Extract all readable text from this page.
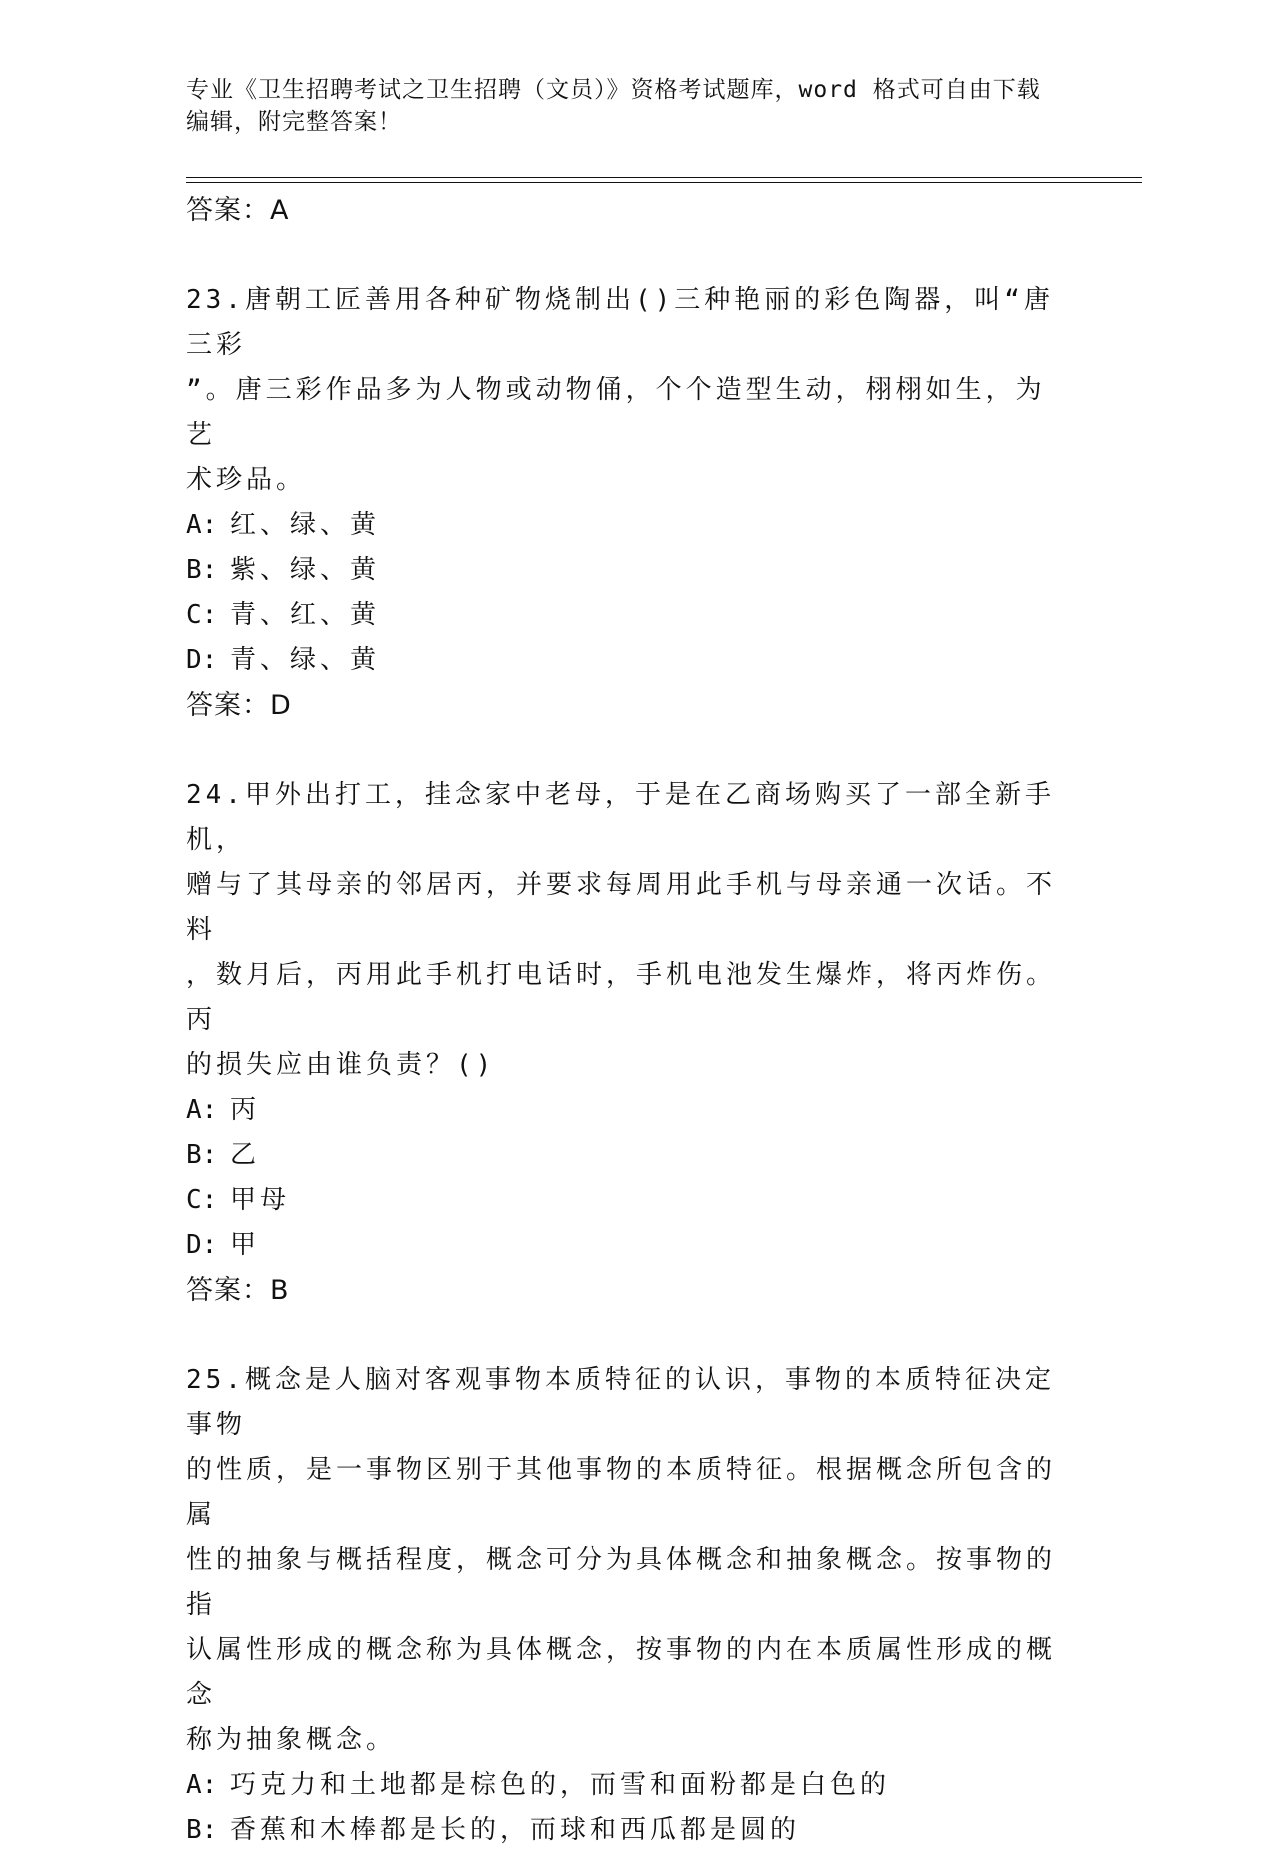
专业《卫生招聘考试之卫生招聘（文员）》资格考试题库，word 格式可自由下载
编辑，附完整答案！
答案：A
23.唐朝工匠善用各种矿物烧制出()三种艳丽的彩色陶器，叫“唐三彩
”。唐三彩作品多为人物或动物俑，个个造型生动，栩栩如生，为艺
术珍品。
A: 红、绿、黄
B: 紫、绿、黄
C: 青、红、黄
D: 青、绿、黄
答案：D
24.甲外出打工，挂念家中老母，于是在乙商场购买了一部全新手机，
赠与了其母亲的邻居丙，并要求每周用此手机与母亲通一次话。不料
，数月后，丙用此手机打电话时，手机电池发生爆炸，将丙炸伤。丙
的损失应由谁负责？()
A: 丙
B: 乙
C: 甲母
D: 甲
答案：B
25.概念是人脑对客观事物本质特征的认识，事物的本质特征决定事物
的性质，是一事物区别于其他事物的本质特征。根据概念所包含的属
性的抽象与概括程度，概念可分为具体概念和抽象概念。按事物的指
认属性形成的概念称为具体概念，按事物的内在本质属性形成的概念
称为抽象概念。
A: 巧克力和土地都是棕色的，而雪和面粉都是白色的
B: 香蕉和木棒都是长的，而球和西瓜都是圆的
